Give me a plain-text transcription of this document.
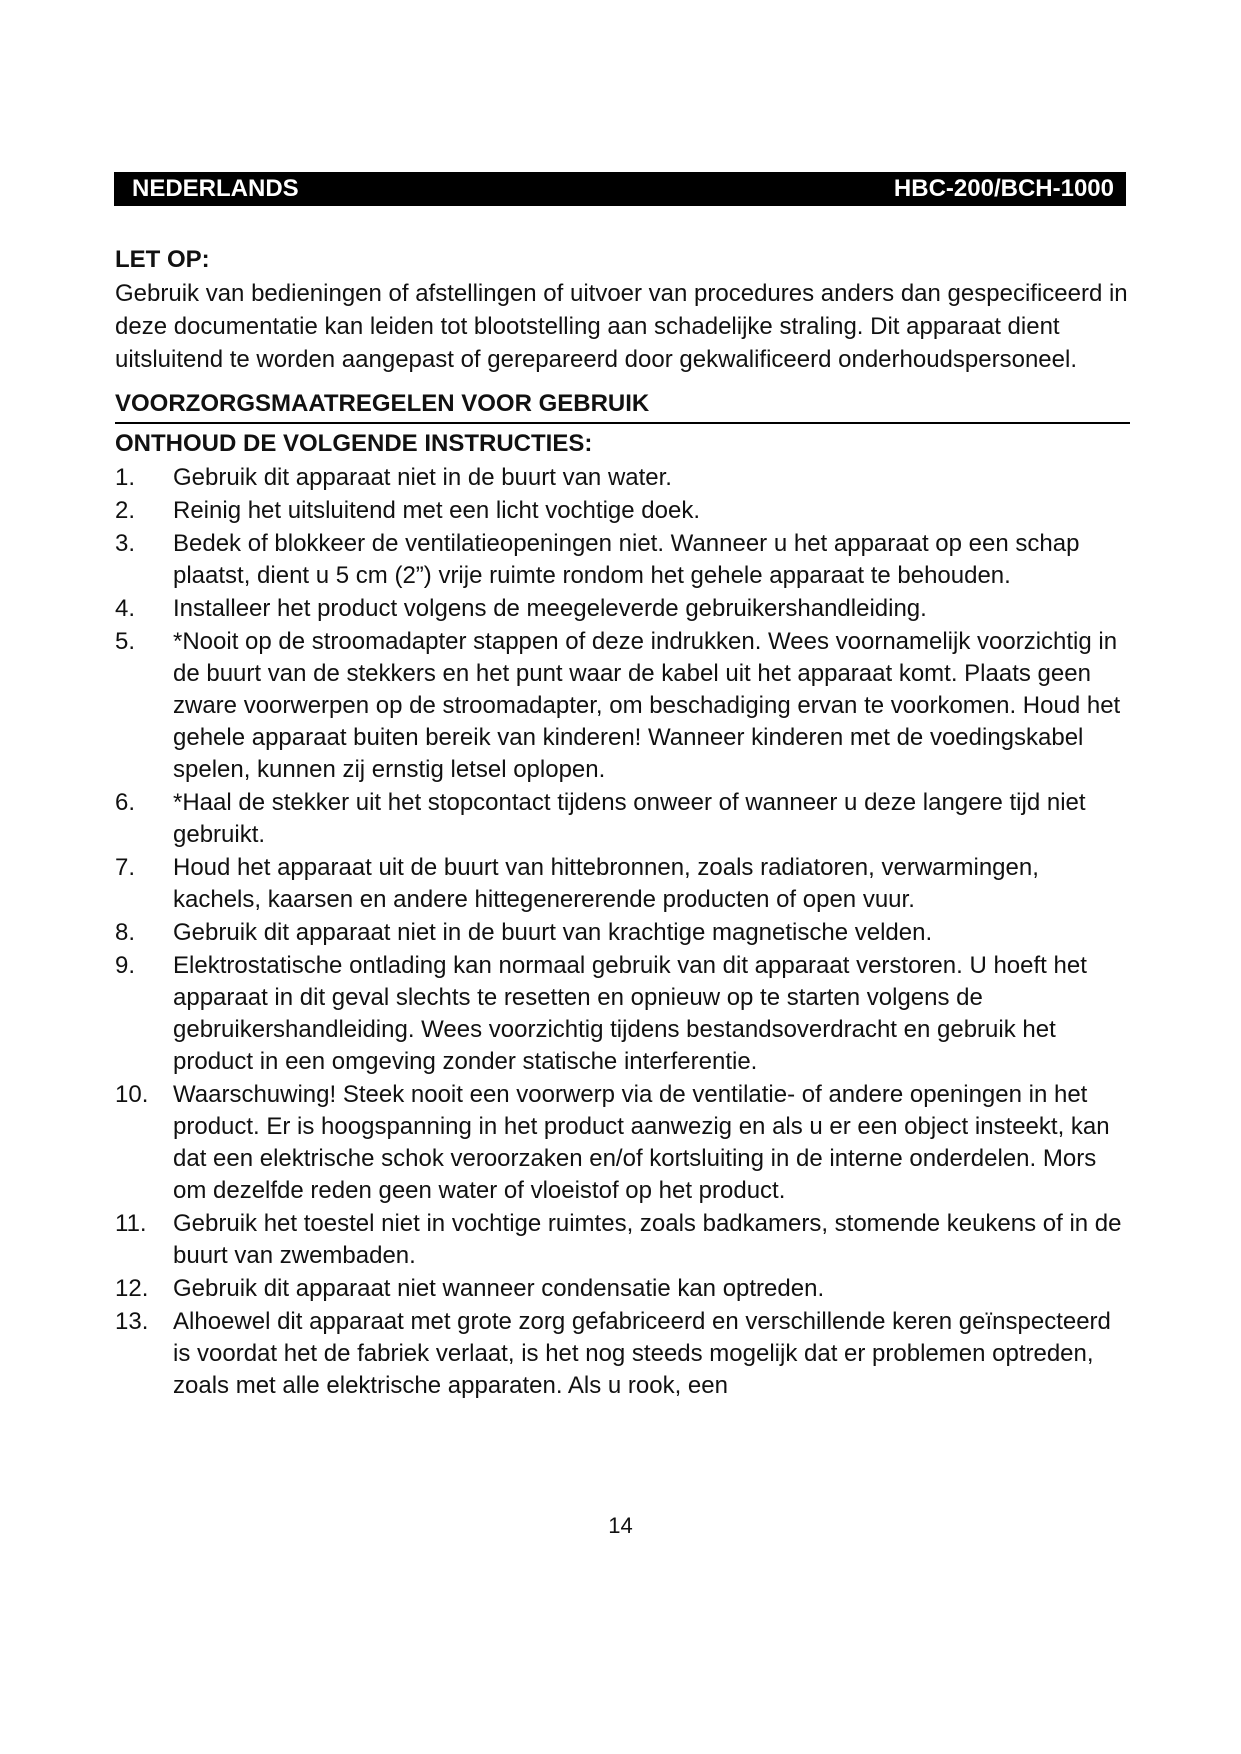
NEDERLANDS	HBC-200/BCH-1000
LET OP:

Gebruik van bedieningen of afstellingen of uitvoer van procedures anders dan gespecificeerd in deze documentatie kan leiden tot blootstelling aan schadelijke straling. Dit apparaat dient uitsluitend te worden aangepast of gerepareerd door gekwalificeerd onderhoudspersoneel.

VOORZORGSMAATREGELEN VOOR GEBRUIK
ONTHOUD DE VOLGENDE INSTRUCTIES:
1.	Gebruik dit apparaat niet in de buurt van water.
2.	Reinig het uitsluitend met een licht vochtige doek.
3.	Bedek of blokkeer de ventilatieopeningen niet. Wanneer u het apparaat op een schap plaatst, dient u 5 cm (2”) vrije ruimte rondom het gehele apparaat te behouden.
4.	Installeer het product volgens de meegeleverde gebruikershandleiding.
5.	*Nooit op de stroomadapter stappen of deze indrukken. Wees voornamelijk voorzichtig in de buurt van de stekkers en het punt waar de kabel uit het apparaat komt. Plaats geen zware voorwerpen op de stroomadapter, om beschadiging ervan te voorkomen. Houd het gehele apparaat buiten bereik van kinderen! Wanneer kinderen met de voedingskabel spelen, kunnen zij ernstig letsel oplopen.
6.	*Haal de stekker uit het stopcontact tijdens onweer of wanneer u deze langere tijd niet gebruikt.
7.	Houd het apparaat uit de buurt van hittebronnen, zoals radiatoren, verwarmingen, kachels, kaarsen en andere hittegenererende producten of open vuur.
8.	Gebruik dit apparaat niet in de buurt van krachtige magnetische velden.
9.	Elektrostatische ontlading kan normaal gebruik van dit apparaat verstoren. U hoeft het apparaat in dit geval slechts te resetten en opnieuw op te starten volgens de gebruikershandleiding. Wees voorzichtig tijdens bestandsoverdracht en gebruik het product in een omgeving zonder statische interferentie.
10.	Waarschuwing! Steek nooit een voorwerp via de ventilatie- of andere openingen in het product. Er is hoogspanning in het product aanwezig en als u er een object insteekt, kan dat een elektrische schok veroorzaken en/of kortsluiting in de interne onderdelen. Mors om dezelfde reden geen water of vloeistof op het product.
11.	Gebruik het toestel niet in vochtige ruimtes, zoals badkamers, stomende keukens of in de buurt van zwembaden.
12.	Gebruik dit apparaat niet wanneer condensatie kan optreden.
13.	Alhoewel dit apparaat met grote zorg gefabriceerd en verschillende keren geïnspecteerd is voordat het de fabriek verlaat, is het nog steeds mogelijk dat er problemen optreden, zoals met alle elektrische apparaten. Als u rook, een
14
